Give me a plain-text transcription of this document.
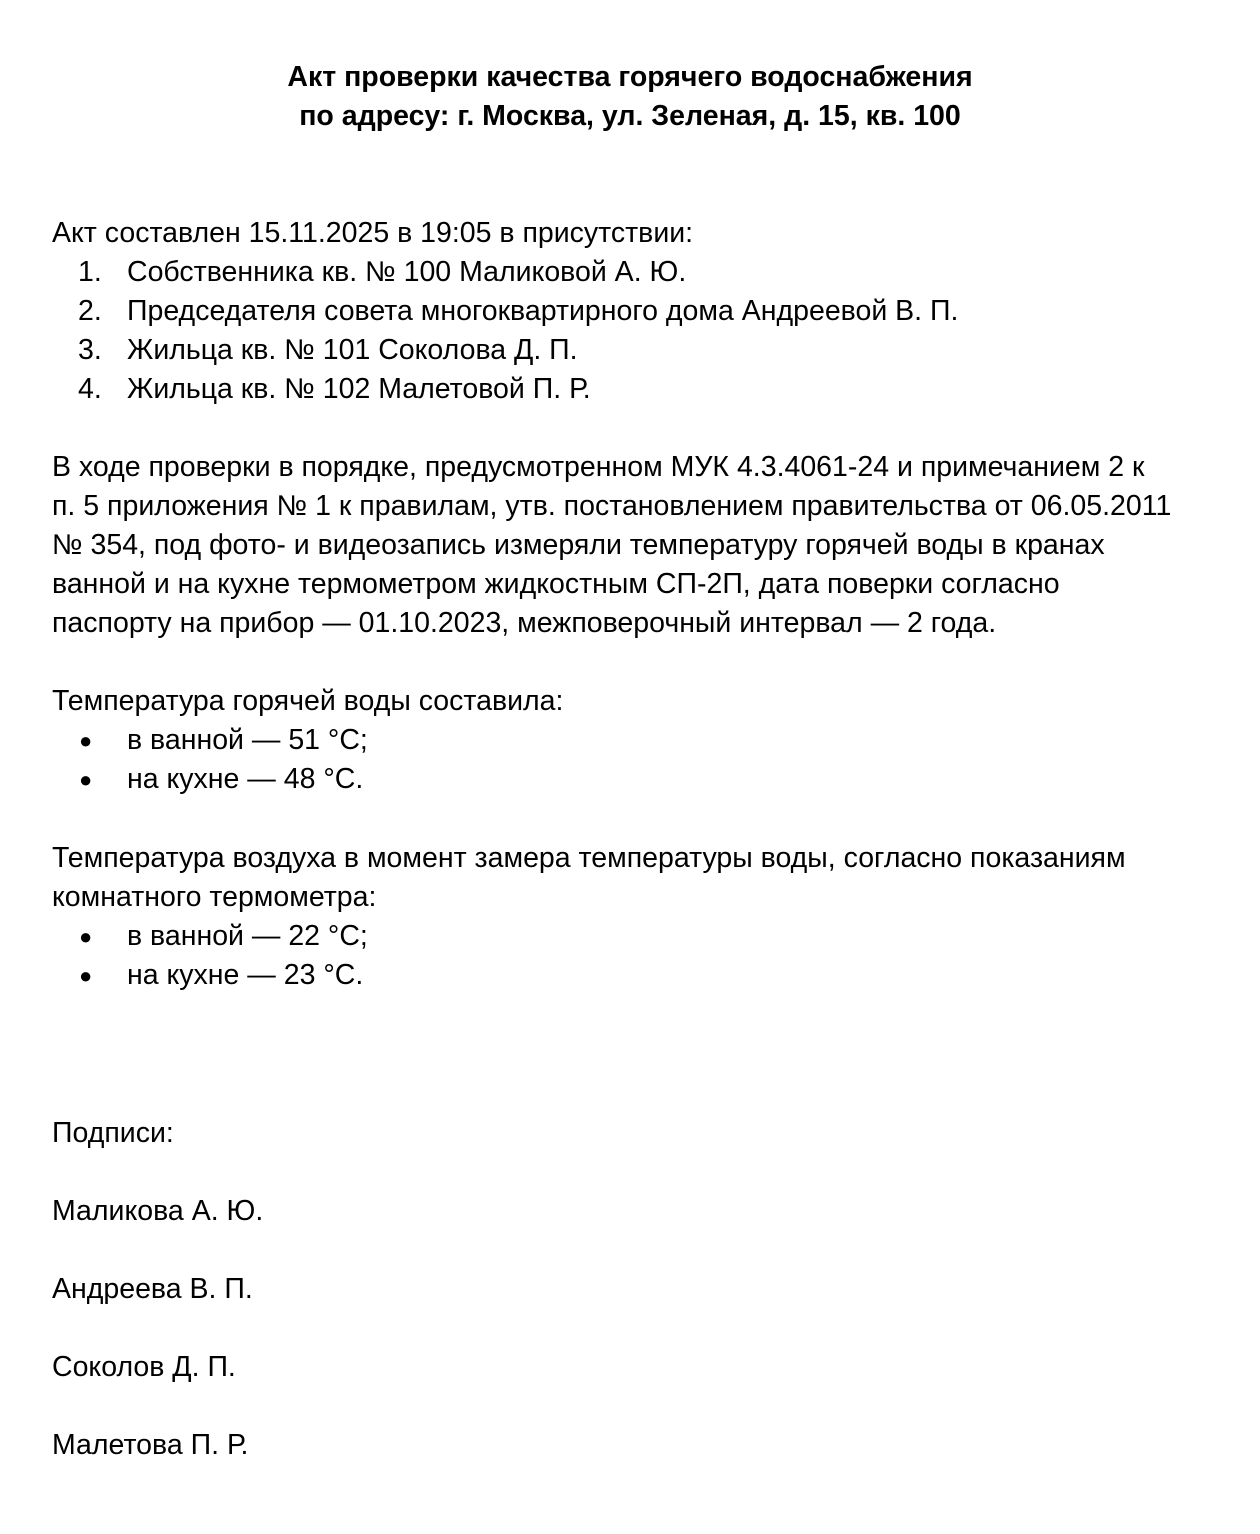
Акт проверки качества горячего водоснабжения
по адресу: г. Москва, ул. Зеленая, д. 15, кв. 100
Акт составлен 15.11.2025 в 19:05 в присутствии:
1. Собственника кв. № 100 Маликовой А. Ю.
2. Председателя совета многоквартирного дома Андреевой В. П.
3. Жильца кв. № 101 Соколова Д. П.
4. Жильца кв. № 102 Малетовой П. Р.
В ходе проверки в порядке, предусмотренном МУК 4.3.4061-24 и примечанием 2 к
п. 5 приложения № 1 к правилам, утв. постановлением правительства от 06.05.2011
№ 354, под фото- и видеозапись измеряли температуру горячей воды в кранах
ванной и на кухне термометром жидкостным СП-2П, дата поверки согласно
паспорту на прибор — 01.10.2023, межповерочный интервал — 2 года.
Температура горячей воды составила:
● в ванной — 51 °C;
● на кухне — 48 °C.
Температура воздуха в момент замера температуры воды, согласно показаниям
комнатного термометра:
● в ванной — 22 °C;
● на кухне — 23 °C.
Подписи:
Маликова А. Ю.
Андреева В. П.
Соколов Д. П.
Малетова П. Р.
